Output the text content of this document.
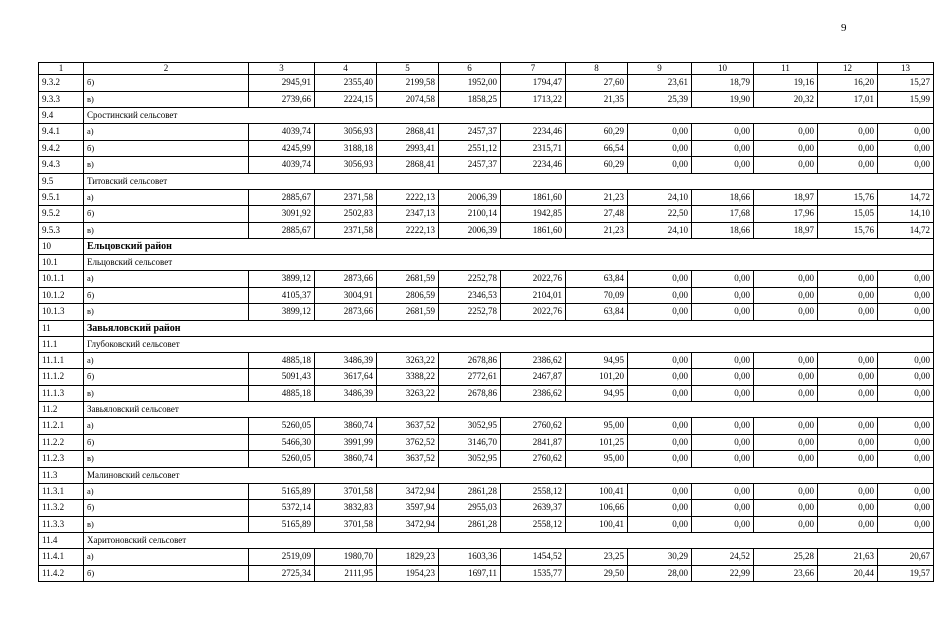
9
1	2	3	4	5	6	7	8	9	10	11	12	13
9.3.2	б)	2945,91	2355,40	2199,58	1952,00	1794,47	27,60	23,61	18,79	19,16	16,20	15,27
9.3.3	в)	2739,66	2224,15	2074,58	1858,25	1713,22	21,35	25,39	19,90	20,32	17,01	15,99
9.4	Сростинский сельсовет											
9.4.1	а)	4039,74	3056,93	2868,41	2457,37	2234,46	60,29	0,00	0,00	0,00	0,00	0,00
9.4.2	б)	4245,99	3188,18	2993,41	2551,12	2315,71	66,54	0,00	0,00	0,00	0,00	0,00
9.4.3	в)	4039,74	3056,93	2868,41	2457,37	2234,46	60,29	0,00	0,00	0,00	0,00	0,00
9.5	Титовский сельсовет											
9.5.1	а)	2885,67	2371,58	2222,13	2006,39	1861,60	21,23	24,10	18,66	18,97	15,76	14,72
9.5.2	б)	3091,92	2502,83	2347,13	2100,14	1942,85	27,48	22,50	17,68	17,96	15,05	14,10
9.5.3	в)	2885,67	2371,58	2222,13	2006,39	1861,60	21,23	24,10	18,66	18,97	15,76	14,72
10	Ельцовский район											
10.1	Ельцовский сельсовет											
10.1.1	а)	3899,12	2873,66	2681,59	2252,78	2022,76	63,84	0,00	0,00	0,00	0,00	0,00
10.1.2	б)	4105,37	3004,91	2806,59	2346,53	2104,01	70,09	0,00	0,00	0,00	0,00	0,00
10.1.3	в)	3899,12	2873,66	2681,59	2252,78	2022,76	63,84	0,00	0,00	0,00	0,00	0,00
11	Завьяловский район											
11.1	Глубоковский сельсовет											
11.1.1	а)	4885,18	3486,39	3263,22	2678,86	2386,62	94,95	0,00	0,00	0,00	0,00	0,00
11.1.2	б)	5091,43	3617,64	3388,22	2772,61	2467,87	101,20	0,00	0,00	0,00	0,00	0,00
11.1.3	в)	4885,18	3486,39	3263,22	2678,86	2386,62	94,95	0,00	0,00	0,00	0,00	0,00
11.2	Завьяловский сельсовет											
11.2.1	а)	5260,05	3860,74	3637,52	3052,95	2760,62	95,00	0,00	0,00	0,00	0,00	0,00
11.2.2	б)	5466,30	3991,99	3762,52	3146,70	2841,87	101,25	0,00	0,00	0,00	0,00	0,00
11.2.3	в)	5260,05	3860,74	3637,52	3052,95	2760,62	95,00	0,00	0,00	0,00	0,00	0,00
11.3	Малиновский сельсовет											
11.3.1	а)	5165,89	3701,58	3472,94	2861,28	2558,12	100,41	0,00	0,00	0,00	0,00	0,00
11.3.2	б)	5372,14	3832,83	3597,94	2955,03	2639,37	106,66	0,00	0,00	0,00	0,00	0,00
11.3.3	в)	5165,89	3701,58	3472,94	2861,28	2558,12	100,41	0,00	0,00	0,00	0,00	0,00
11.4	Харитоновский сельсовет											
11.4.1	а)	2519,09	1980,70	1829,23	1603,36	1454,52	23,25	30,29	24,52	25,28	21,63	20,67
11.4.2	б)	2725,34	2111,95	1954,23	1697,11	1535,77	29,50	28,00	22,99	23,66	20,44	19,57
